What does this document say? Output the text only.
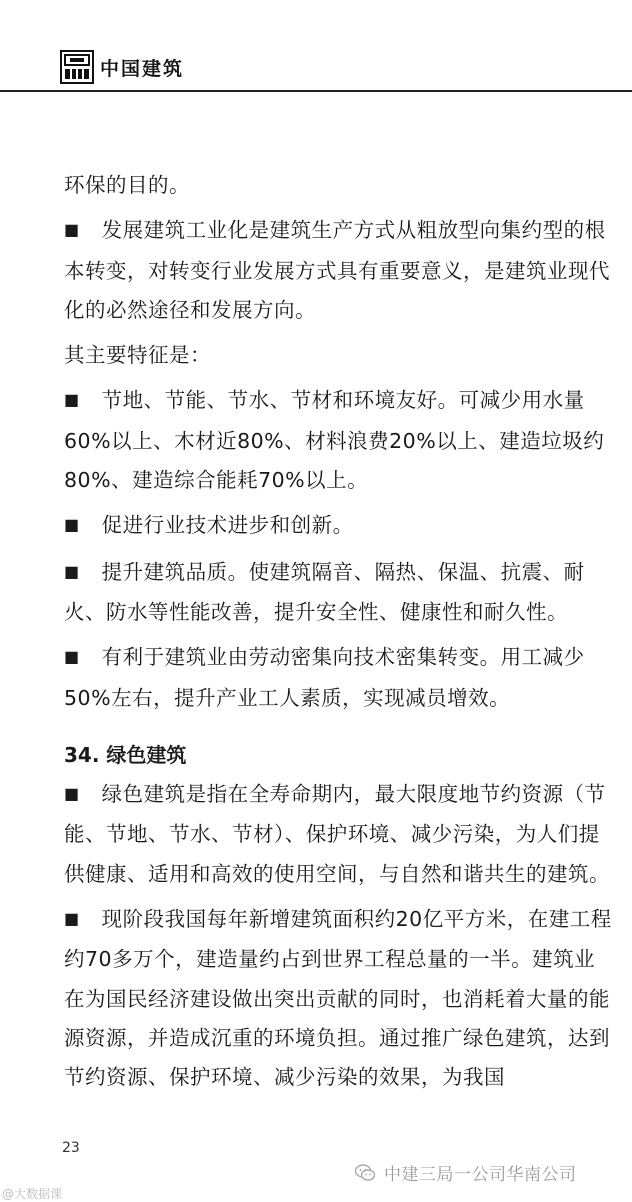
中国建筑

环保的目的。

■ 发展建筑工业化是建筑生产方式从粗放型向集约型的根本转变，对转变行业发展方式具有重要意义，是建筑业现代化的必然途径和发展方向。

其主要特征是：

■ 节地、节能、节水、节材和环境友好。可减少用水量60%以上、木材近80%、材料浪费20%以上、建造垃圾约80%、建造综合能耗70%以上。

■ 促进行业技术进步和创新。

■ 提升建筑品质。使建筑隔音、隔热、保温、抗震、耐火、防水等性能改善，提升安全性、健康性和耐久性。

■ 有利于建筑业由劳动密集向技术密集转变。用工减少50%左右，提升产业工人素质，实现减员增效。

34. 绿色建筑

■ 绿色建筑是指在全寿命期内，最大限度地节约资源（节能、节地、节水、节材）、保护环境、减少污染，为人们提供健康、适用和高效的使用空间，与自然和谐共生的建筑。

■ 现阶段我国每年新增建筑面积约20亿平方米，在建工程约70多万个，建造量约占到世界工程总量的一半。建筑业在为国民经济建设做出突出贡献的同时，也消耗着大量的能源资源，并造成沉重的环境负担。通过推广绿色建筑，达到节约资源、保护环境、减少污染的效果，为我国

23
中建三局一公司华南公司
@大数据课
